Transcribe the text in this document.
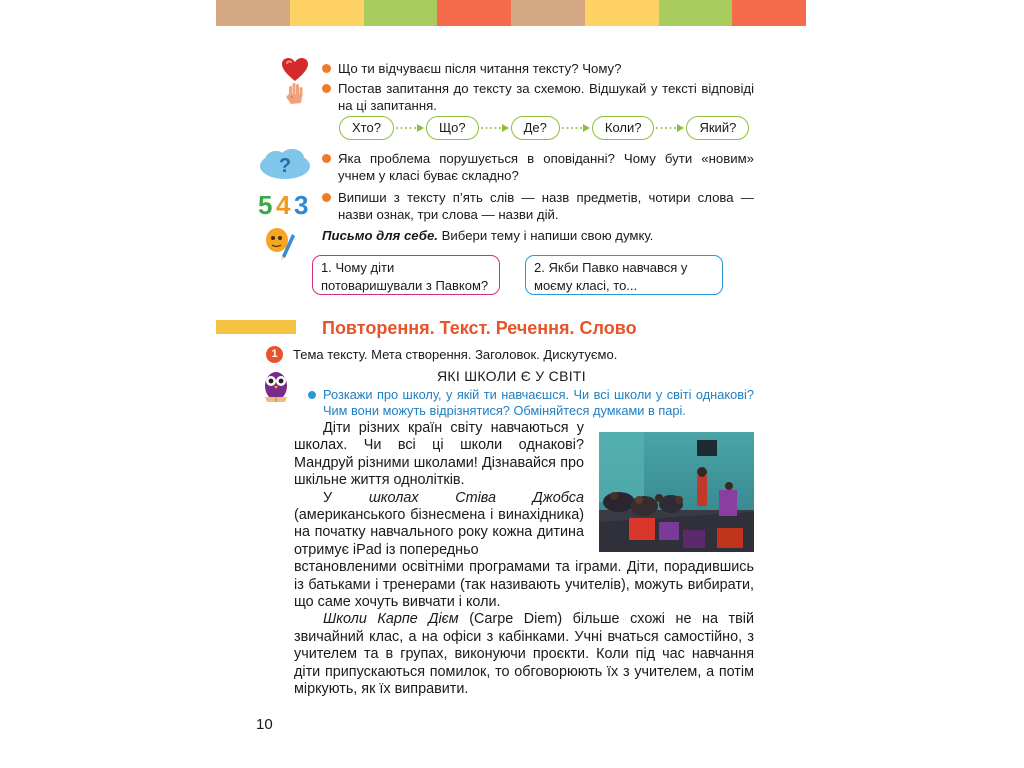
Що ти відчуваєш після читання тексту? Чому?
Постав запитання до тексту за схемою. Відшукай у тексті відповіді на ці запитання.
Хто?	Що?	Де?	Коли?	Який?
?	Яка проблема порушується в оповіданні? Чому бути «новим» учнем у класі буває складно?
5 4 3	Випиши з тексту п’ять слів — назв предметів, чотири слова — назви ознак, три слова — назви дій.
Письмо для себе. Вибери тему і напиши свою думку.
1. Чому діти потоваришували з Павком?
2. Якби Павко навчався у моєму класі, то...
Повторення. Текст. Речення. Слово
1	Тема тексту. Мета створення. Заголовок. Дискутуємо.
ЯКІ ШКОЛИ Є У СВІТІ
Розкажи про школу, у якій ти навчаєшся. Чи всі школи у світі однакові? Чим вони можуть відрізнятися? Обміняйтеся думками в парі.

Діти різних країн світу навчаються у школах. Чи всі ці школи однакові? Мандруй різними школами! Дізнавайся про шкільне життя однолітків.

У школах Стіва Джобса (американського бізнесмена і винахідника) на початку навчального року кожна дитина отримує iPad із попередньо

встановленими освітніми програмами та іграми. Діти, порадившись із батьками і тренерами (так називають учителів), можуть вибирати, що саме хочуть вивчати і коли.

Школи Карпе Дієм (Carpe Diem) більше схожі не на твій звичайний клас, а на офіси з кабінками. Учні вчаться самостійно, з учителем та в групах, виконуючи проєкти. Коли під час навчання діти припускаються помилок, то обговорюють їх з учителем, а потім міркують, як їх виправити.

10
